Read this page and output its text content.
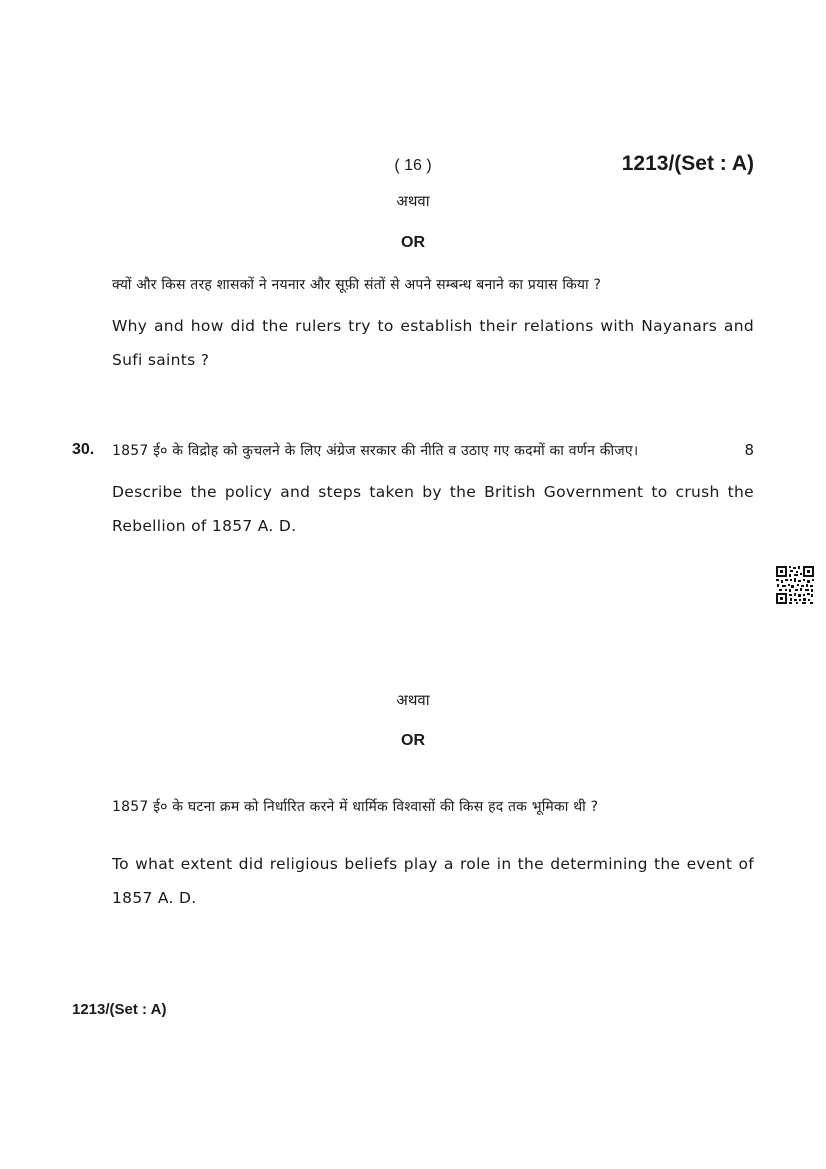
( 16 )	1213/(Set : A)
अथवा
OR
क्यों और किस तरह शासकों ने नयनार और सूफ़ी संतों से अपने सम्बन्ध बनाने का प्रयास किया ?
Why and how did the rulers try to establish their relations with Nayanars and Sufi saints ?
30. 1857 ई० के विद्रोह को कुचलने के लिए अंग्रेज सरकार की नीति व उठाए गए कदमों का वर्णन कीजए।	8
Describe the policy and steps taken by the British Government to crush the Rebellion of 1857 A. D.
अथवा
OR
1857 ई० के घटना क्रम को निर्धारित करने में धार्मिक विश्वासों की किस हद तक भूमिका थी ?
To what extent did religious beliefs play a role in the determining the event of 1857 A. D.
1213/(Set : A)
